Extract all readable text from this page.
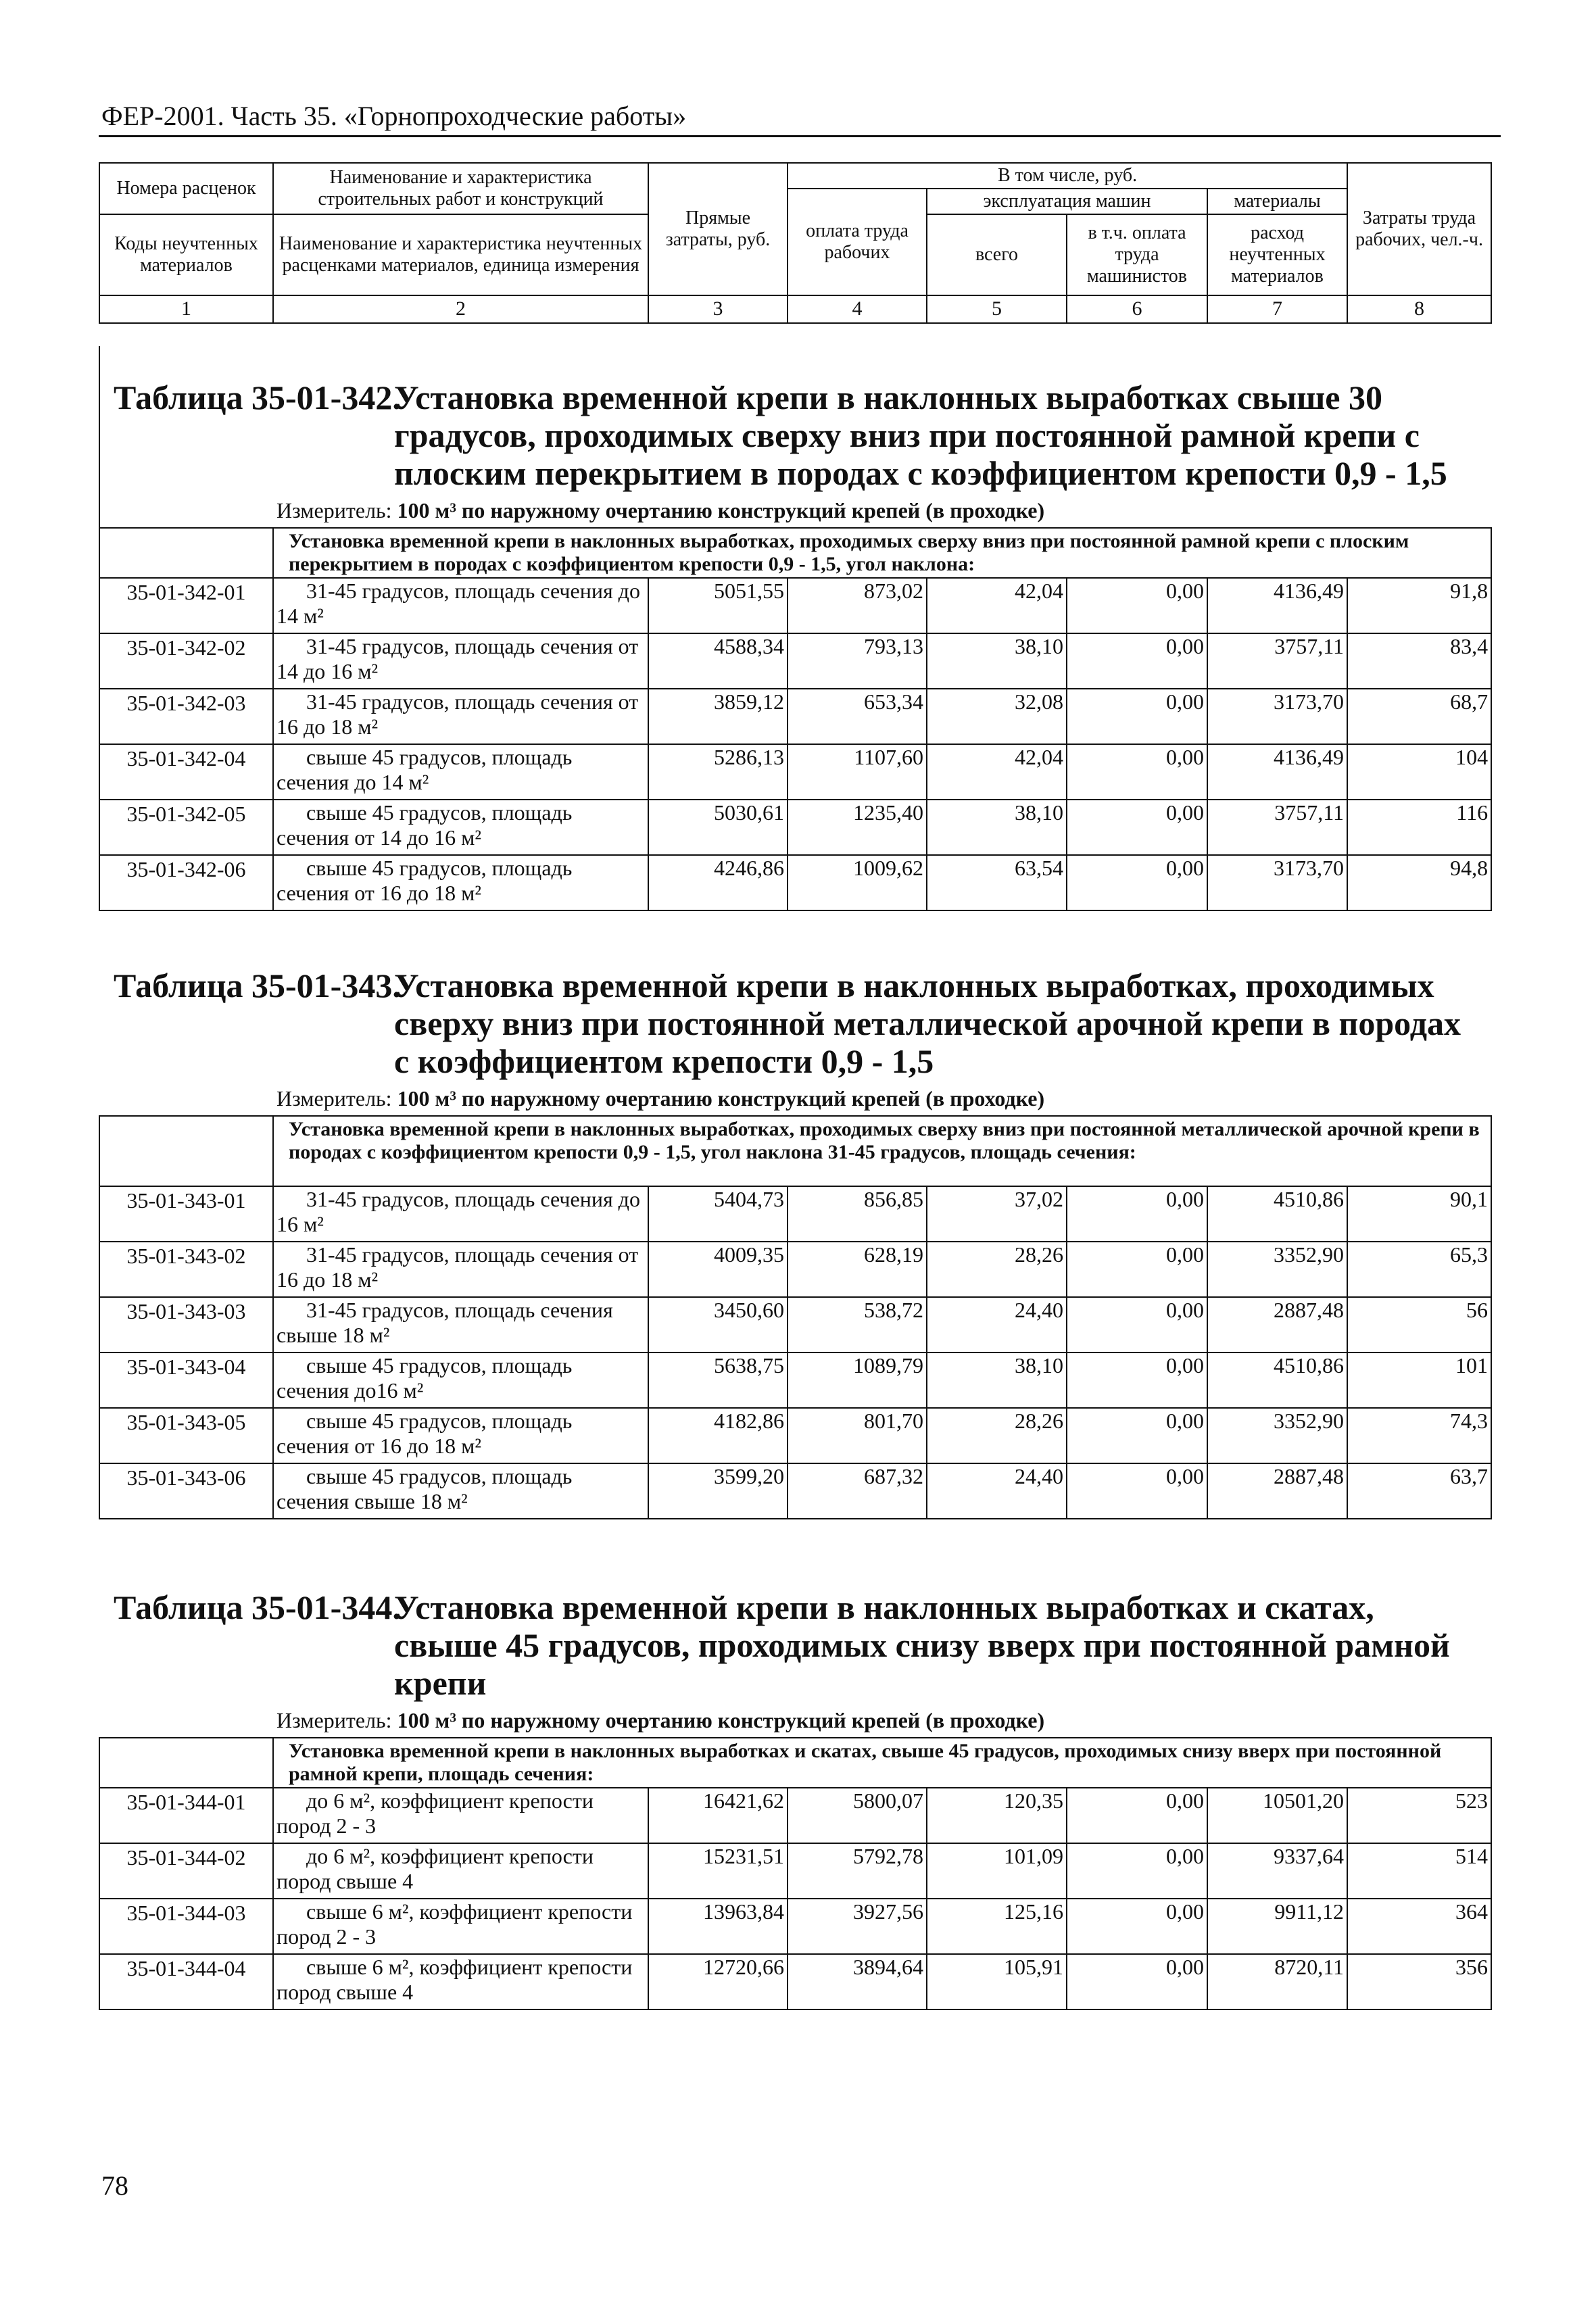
ФЕР-2001. Часть 35. «Горнопроходческие работы»
Номера расценок	Наименование и характеристика строительных работ и конструкций	Прямые затраты, руб.	В том числе, руб.				Затраты труда рабочих, чел.-ч.
			оплата труда рабочих	эксплуатация машин		материалы	
Коды неучтенных материалов	Наименование и характеристика неучтенных расценками материалов, единица измерения			всего	в т.ч. оплата труда машинистов	расход неучтенных материалов	

1	2	3	4	5	6	7	8
Таблица 35-01-342.Установка временной крепи в наклонных выработках свыше 30 градусов, проходимых сверху вниз при постоянной рамной крепи с плоским перекрытием в породах с коэффициентом крепости 0,9 - 1,5
Измеритель: 100 м³ по наружному очертанию конструкций крепей (в проходке)
	Установка временной крепи в наклонных выработках, проходимых сверху вниз при постоянной рамной крепи с плоским перекрытием в породах с коэффициентом крепости 0,9 - 1,5, угол наклона:						
35-01-342-01	31-45 градусов, площадь сечения до 14 м²	5051,55	873,02	42,04	0,00	4136,49	91,8
35-01-342-02	31-45 градусов, площадь сечения от 14 до 16 м²	4588,34	793,13	38,10	0,00	3757,11	83,4
35-01-342-03	31-45 градусов, площадь сечения от 16 до 18 м²	3859,12	653,34	32,08	0,00	3173,70	68,7
35-01-342-04	свыше 45 градусов, площадь сечения до 14 м²	5286,13	1107,60	42,04	0,00	4136,49	104
35-01-342-05	свыше 45 градусов, площадь сечения от 14 до 16 м²	5030,61	1235,40	38,10	0,00	3757,11	116
35-01-342-06	свыше 45 градусов, площадь сечения от 16 до 18 м²	4246,86	1009,62	63,54	0,00	3173,70	94,8
Таблица 35-01-343.Установка временной крепи в наклонных выработках, проходимых сверху вниз при постоянной металлической арочной крепи в породах с коэффициентом крепости 0,9 - 1,5
Измеритель: 100 м³ по наружному очертанию конструкций крепей (в проходке)
	Установка временной крепи в наклонных выработках, проходимых сверху вниз при постоянной металлической арочной крепи в породах с коэффициентом крепости 0,9 - 1,5, угол наклона 31-45 градусов, площадь сечения:						
35-01-343-01	31-45 градусов, площадь сечения до 16 м²	5404,73	856,85	37,02	0,00	4510,86	90,1
35-01-343-02	31-45 градусов, площадь сечения от 16 до 18 м²	4009,35	628,19	28,26	0,00	3352,90	65,3
35-01-343-03	31-45 градусов, площадь сечения свыше 18 м²	3450,60	538,72	24,40	0,00	2887,48	56
35-01-343-04	свыше 45 градусов, площадь сечения до16 м²	5638,75	1089,79	38,10	0,00	4510,86	101
35-01-343-05	свыше 45 градусов, площадь сечения от 16 до 18 м²	4182,86	801,70	28,26	0,00	3352,90	74,3
35-01-343-06	свыше 45 градусов, площадь сечения свыше 18 м²	3599,20	687,32	24,40	0,00	2887,48	63,7
Таблица 35-01-344.Установка временной крепи в наклонных выработках и скатах, свыше 45 градусов, проходимых снизу вверх при постоянной рамной крепи
Измеритель: 100 м³ по наружному очертанию конструкций крепей (в проходке)
	Установка временной крепи в наклонных выработках и скатах, свыше 45 градусов, проходимых снизу вверх при постоянной рамной крепи, площадь сечения:						
35-01-344-01	до 6 м², коэффициент крепости пород 2 - 3	16421,62	5800,07	120,35	0,00	10501,20	523
35-01-344-02	до 6 м², коэффициент крепости пород свыше 4	15231,51	5792,78	101,09	0,00	9337,64	514
35-01-344-03	свыше 6 м², коэффициент крепости пород 2 - 3	13963,84	3927,56	125,16	0,00	9911,12	364
35-01-344-04	свыше 6 м², коэффициент крепости пород свыше 4	12720,66	3894,64	105,91	0,00	8720,11	356
78
